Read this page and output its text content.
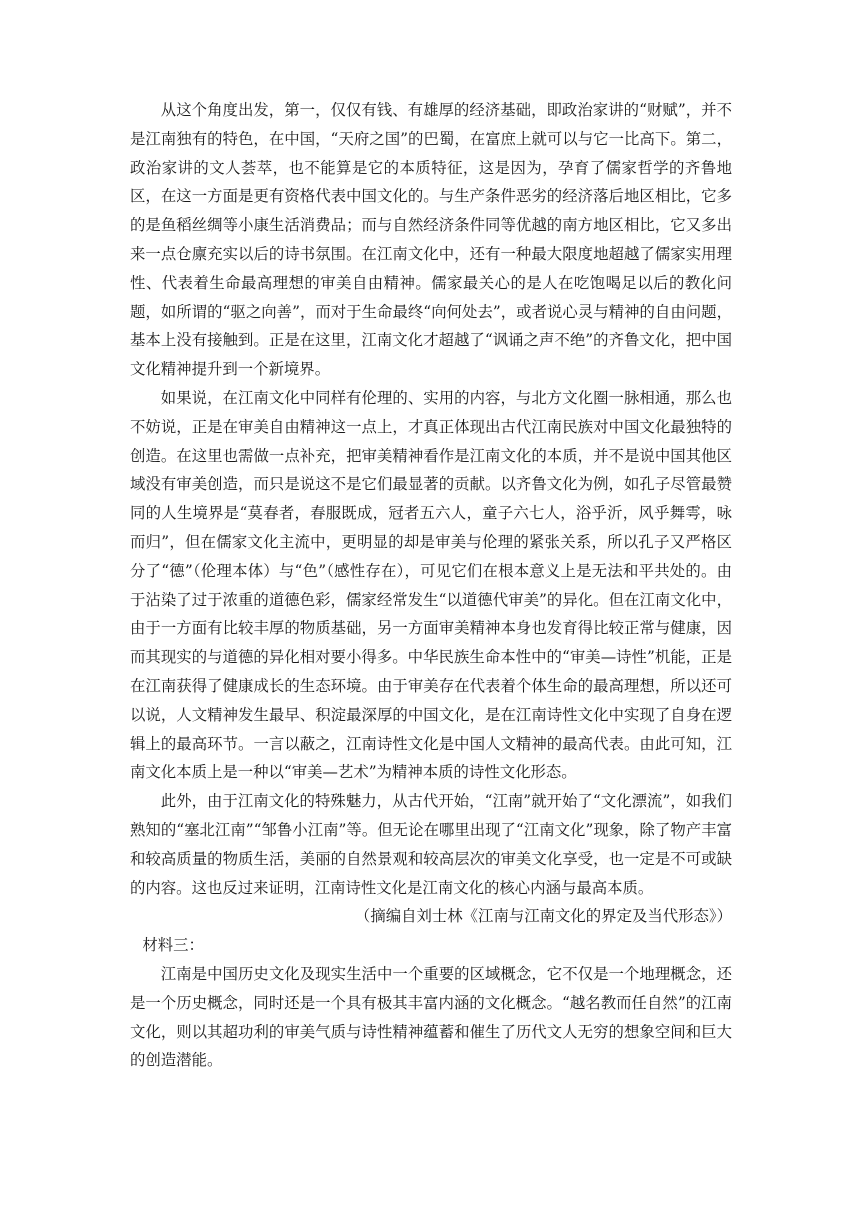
从这个角度出发，第一，仅仅有钱、有雄厚的经济基础，即政治家讲的“财赋”，并不是江南独有的特色，在中国，“天府之国”的巴蜀，在富庶上就可以与它一比高下。第二，政治家讲的文人荟萃，也不能算是它的本质特征，这是因为，孕育了儒家哲学的齐鲁地区，在这一方面是更有资格代表中国文化的。与生产条件恶劣的经济落后地区相比，它多的是鱼稻丝绸等小康生活消费品；而与自然经济条件同等优越的南方地区相比，它又多出来一点仓廪充实以后的诗书氛围。在江南文化中，还有一种最大限度地超越了儒家实用理性、代表着生命最高理想的审美自由精神。儒家最关心的是人在吃饱喝足以后的教化问题，如所谓的“驱之向善”，而对于生命最终“向何处去”，或者说心灵与精神的自由问题，基本上没有接触到。正是在这里，江南文化才超越了“讽诵之声不绝”的齐鲁文化，把中国文化精神提升到一个新境界。

如果说，在江南文化中同样有伦理的、实用的内容，与北方文化圈一脉相通，那么也不妨说，正是在审美自由精神这一点上，才真正体现出古代江南民族对中国文化最独特的创造。在这里也需做一点补充，把审美精神看作是江南文化的本质，并不是说中国其他区域没有审美创造，而只是说这不是它们最显著的贡献。以齐鲁文化为例，如孔子尽管最赞同的人生境界是“莫春者，春服既成，冠者五六人，童子六七人，浴乎沂，风乎舞雩，咏而归”，但在儒家文化主流中，更明显的却是审美与伦理的紧张关系，所以孔子又严格区分了“德”（伦理本体）与“色”（感性存在），可见它们在根本意义上是无法和平共处的。由于沾染了过于浓重的道德色彩，儒家经常发生“以道德代审美”的异化。但在江南文化中，由于一方面有比较丰厚的物质基础，另一方面审美精神本身也发育得比较正常与健康，因而其现实的与道德的异化相对要小得多。中华民族生命本性中的“审美—诗性”机能，正是在江南获得了健康成长的生态环境。由于审美存在代表着个体生命的最高理想，所以还可以说，人文精神发生最早、积淀最深厚的中国文化，是在江南诗性文化中实现了自身在逻辑上的最高环节。一言以蔽之，江南诗性文化是中国人文精神的最高代表。由此可知，江南文化本质上是一种以“审美—艺术”为精神本质的诗性文化形态。

此外，由于江南文化的特殊魅力，从古代开始，“江南”就开始了“文化漂流”，如我们熟知的“塞北江南”“邹鲁小江南”等。但无论在哪里出现了“江南文化”现象，除了物产丰富和较高质量的物质生活，美丽的自然景观和较高层次的审美文化享受，也一定是不可或缺的内容。这也反过来证明，江南诗性文化是江南文化的核心内涵与最高本质。

（摘编自刘士林《江南与江南文化的界定及当代形态》）

材料三：

江南是中国历史文化及现实生活中一个重要的区域概念，它不仅是一个地理概念，还是一个历史概念，同时还是一个具有极其丰富内涵的文化概念。“越名教而任自然”的江南文化，则以其超功利的审美气质与诗性精神蕴蓄和催生了历代文人无穷的想象空间和巨大的创造潜能。
